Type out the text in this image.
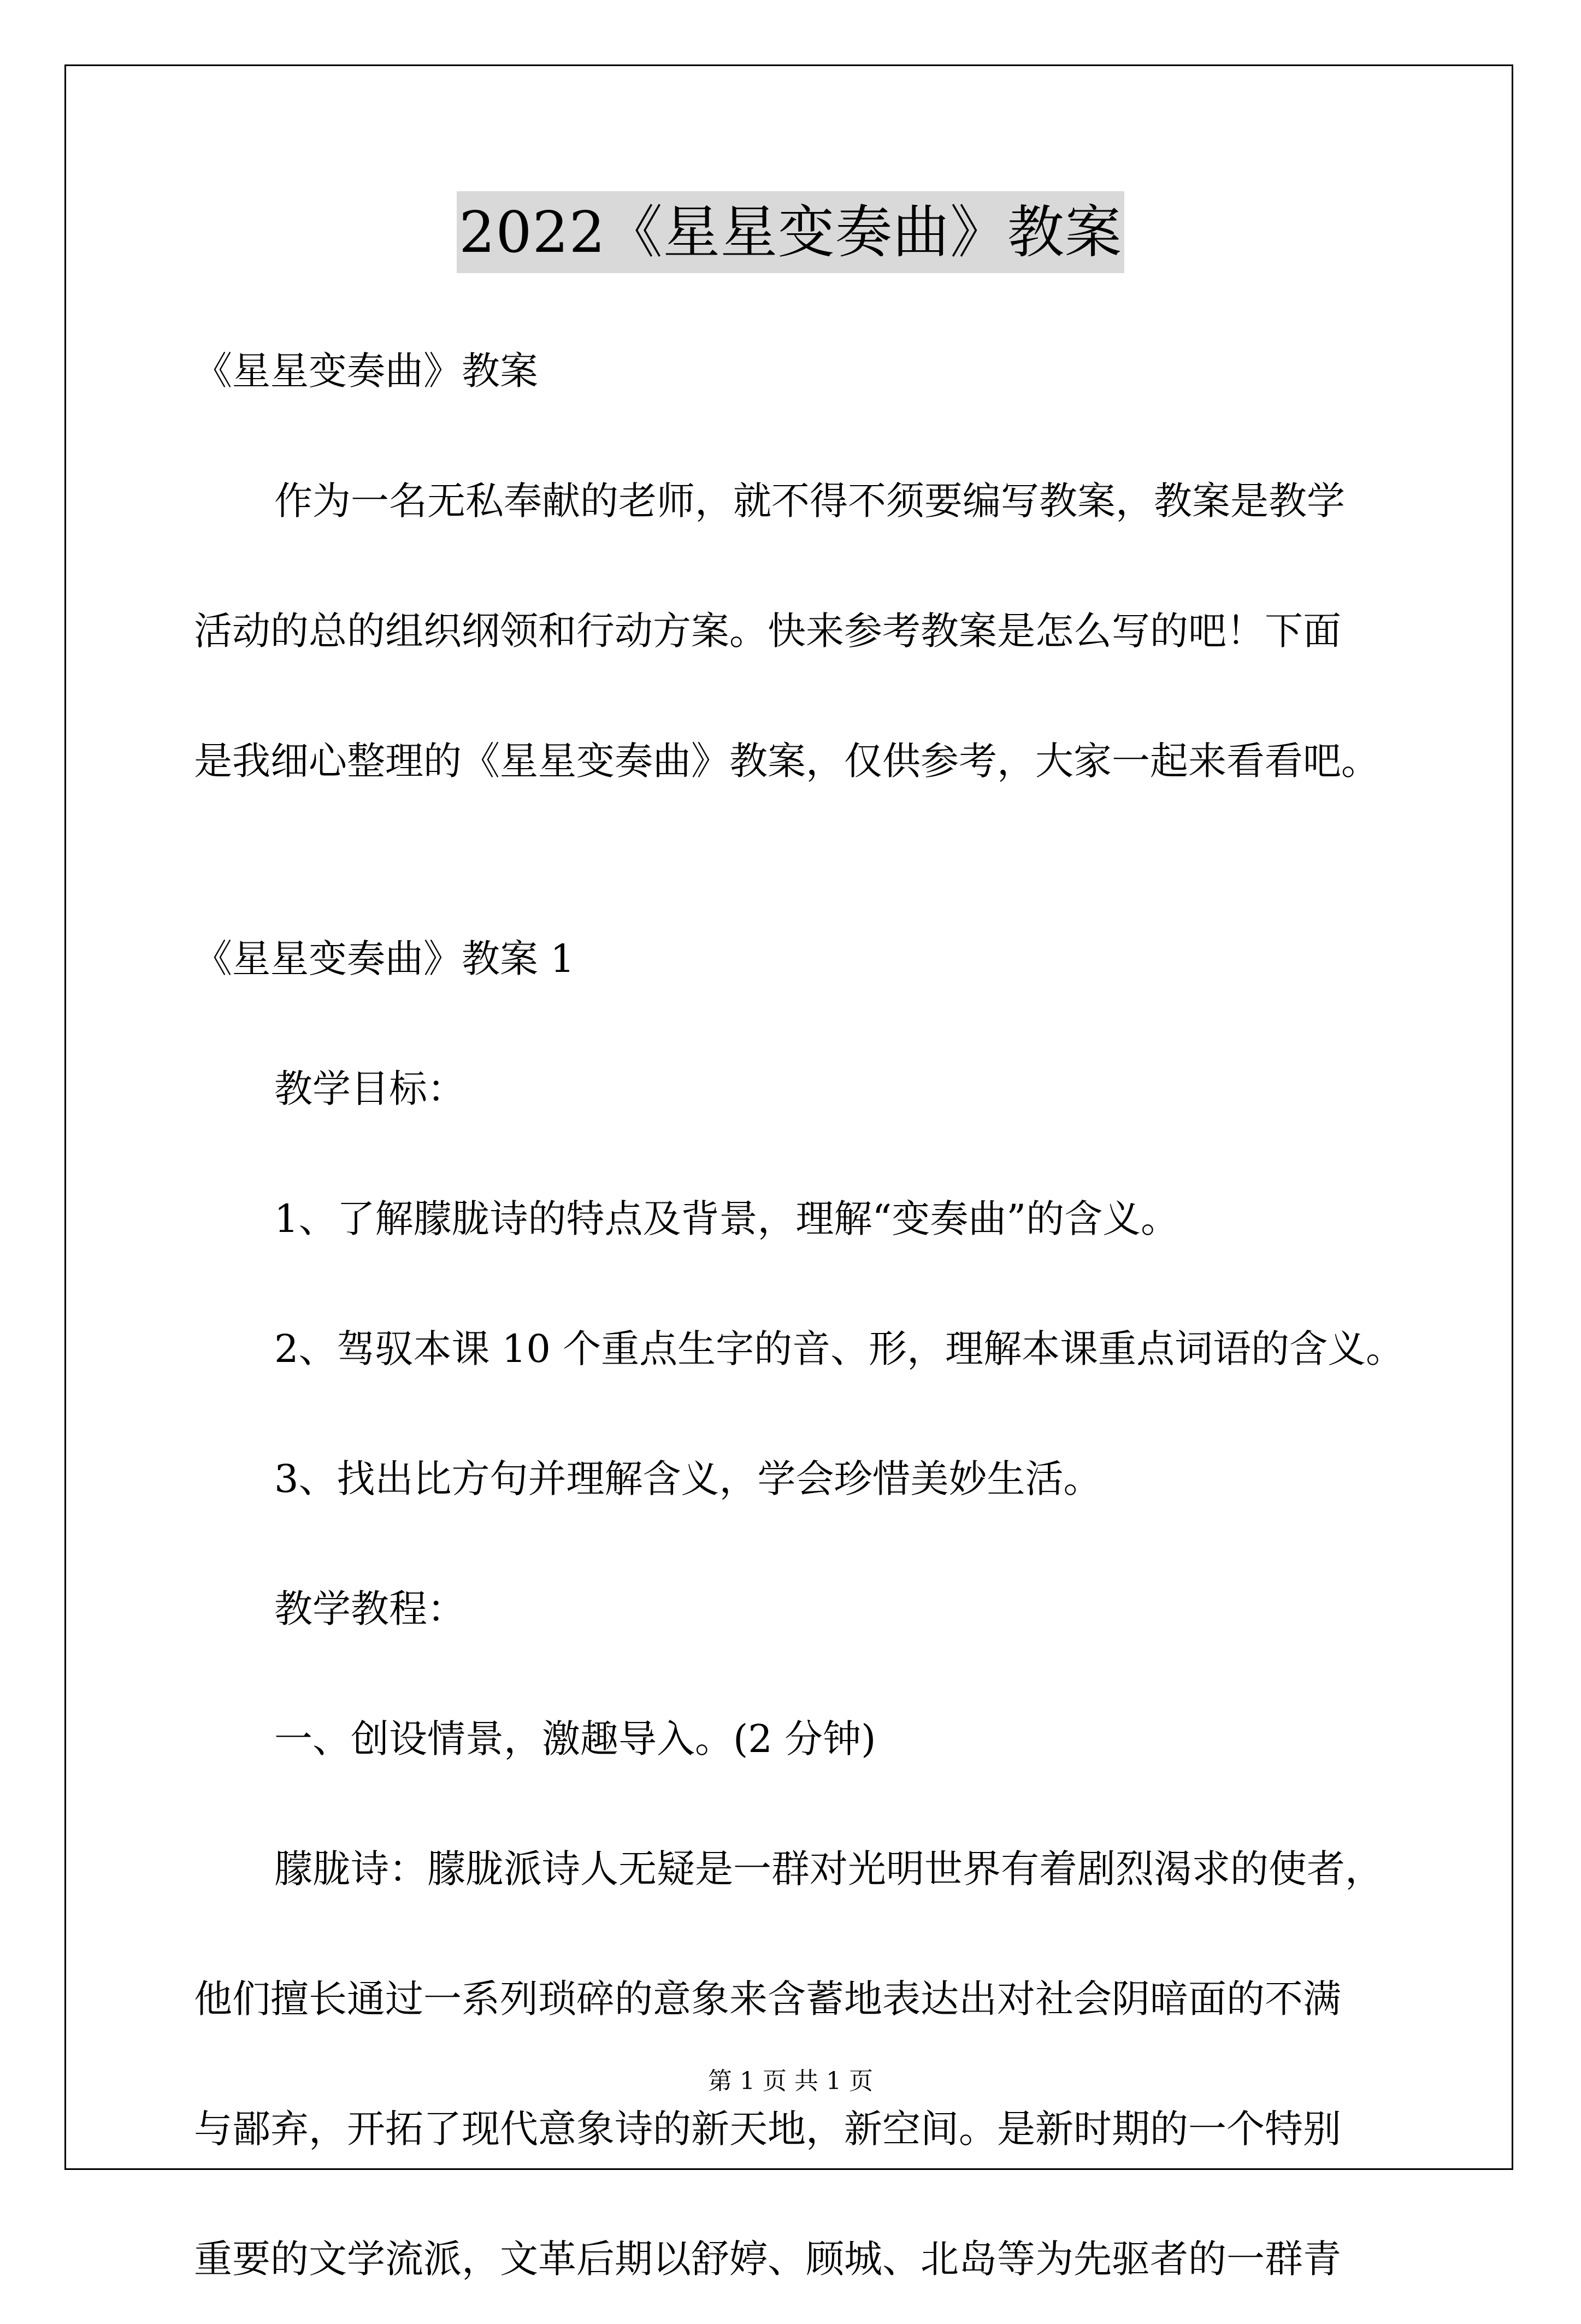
2022《星星变奏曲》教案

《星星变奏曲》教案

作为一名无私奉献的老师，就不得不须要编写教案，教案是教学

活动的总的组织纲领和行动方案。快来参考教案是怎么写的吧！下面

是我细心整理的《星星变奏曲》教案，仅供参考，大家一起来看看吧。

《星星变奏曲》教案 1

教学目标：

1、了解朦胧诗的特点及背景，理解“变奏曲”的含义。

2、驾驭本课 10 个重点生字的音、形，理解本课重点词语的含义。

3、找出比方句并理解含义，学会珍惜美妙生活。

教学教程：

一、创设情景，激趣导入。(2 分钟)

朦胧诗：朦胧派诗人无疑是一群对光明世界有着剧烈渴求的使者，

他们擅长通过一系列琐碎的意象来含蓄地表达出对社会阴暗面的不满

与鄙弃，开拓了现代意象诗的新天地，新空间。是新时期的一个特别

重要的文学流派，文革后期以舒婷、顾城、北岛等为先驱者的一群青

第 1 页 共 1 页
